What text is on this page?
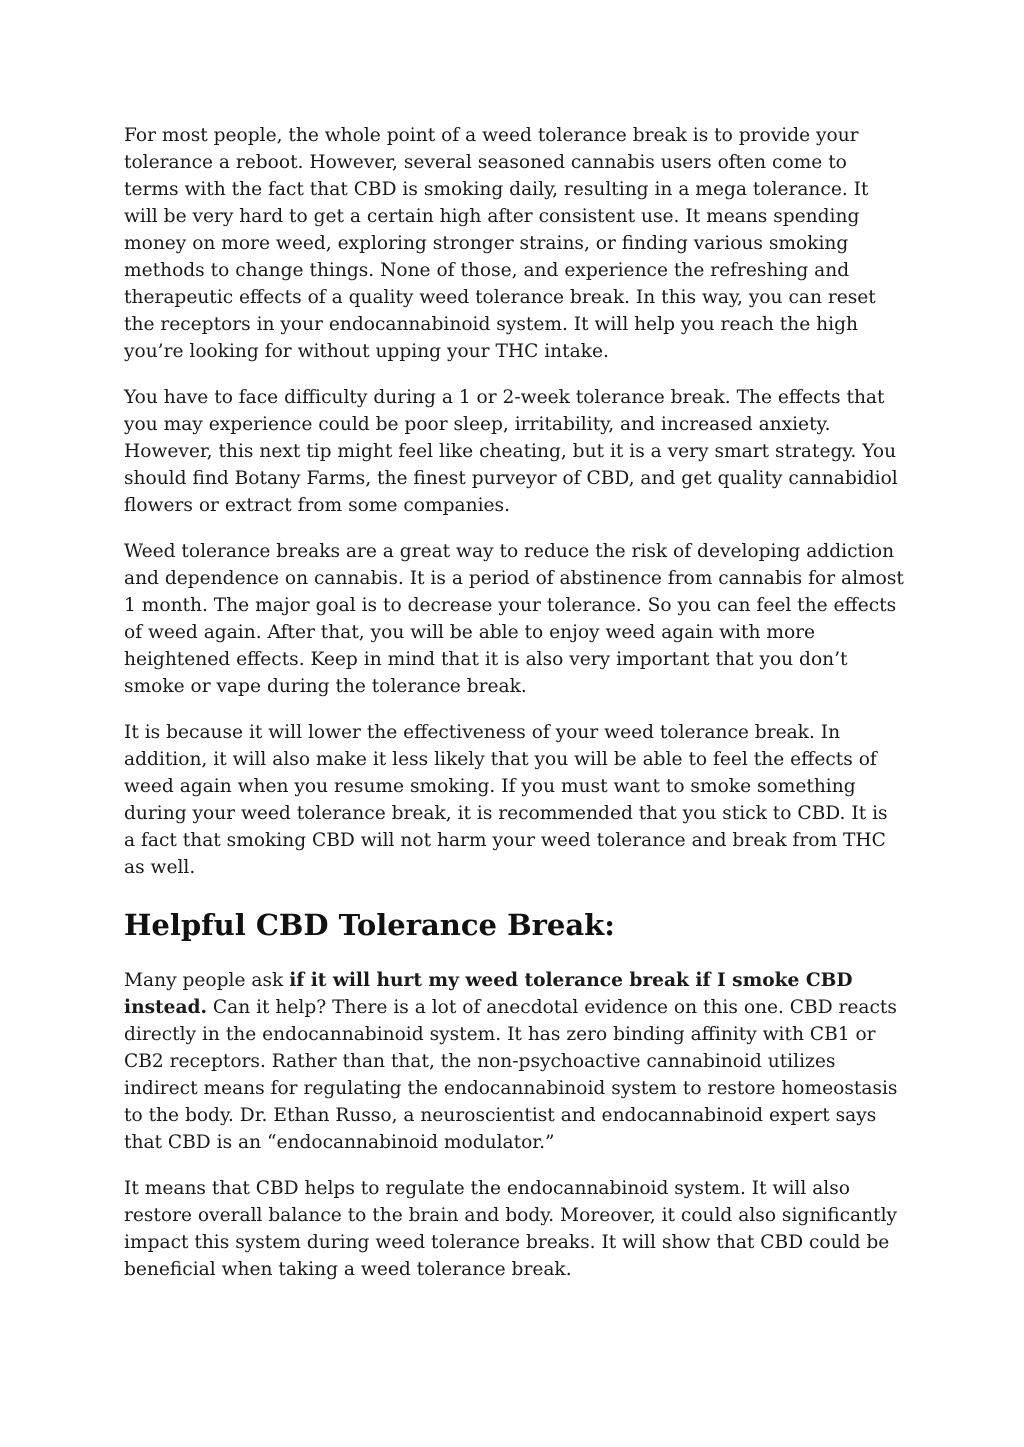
For most people, the whole point of a weed tolerance break is to provide your tolerance a reboot. However, several seasoned cannabis users often come to terms with the fact that CBD is smoking daily, resulting in a mega tolerance. It will be very hard to get a certain high after consistent use. It means spending money on more weed, exploring stronger strains, or finding various smoking methods to change things. None of those, and experience the refreshing and therapeutic effects of a quality weed tolerance break. In this way, you can reset the receptors in your endocannabinoid system. It will help you reach the high you’re looking for without upping your THC intake.

You have to face difficulty during a 1 or 2-week tolerance break. The effects that you may experience could be poor sleep, irritability, and increased anxiety. However, this next tip might feel like cheating, but it is a very smart strategy. You should find Botany Farms, the finest purveyor of CBD, and get quality cannabidiol flowers or extract from some companies.

Weed tolerance breaks are a great way to reduce the risk of developing addiction and dependence on cannabis. It is a period of abstinence from cannabis for almost 1 month. The major goal is to decrease your tolerance. So you can feel the effects of weed again. After that, you will be able to enjoy weed again with more heightened effects. Keep in mind that it is also very important that you don’t smoke or vape during the tolerance break.

It is because it will lower the effectiveness of your weed tolerance break. In addition, it will also make it less likely that you will be able to feel the effects of weed again when you resume smoking. If you must want to smoke something during your weed tolerance break, it is recommended that you stick to CBD. It is a fact that smoking CBD will not harm your weed tolerance and break from THC as well.

Helpful CBD Tolerance Break:

Many people ask if it will hurt my weed tolerance break if I smoke CBD instead. Can it help? There is a lot of anecdotal evidence on this one. CBD reacts directly in the endocannabinoid system. It has zero binding affinity with CB1 or CB2 receptors. Rather than that, the non-psychoactive cannabinoid utilizes indirect means for regulating the endocannabinoid system to restore homeostasis to the body. Dr. Ethan Russo, a neuroscientist and endocannabinoid expert says that CBD is an “endocannabinoid modulator.”

It means that CBD helps to regulate the endocannabinoid system. It will also restore overall balance to the brain and body. Moreover, it could also significantly impact this system during weed tolerance breaks. It will show that CBD could be beneficial when taking a weed tolerance break.
